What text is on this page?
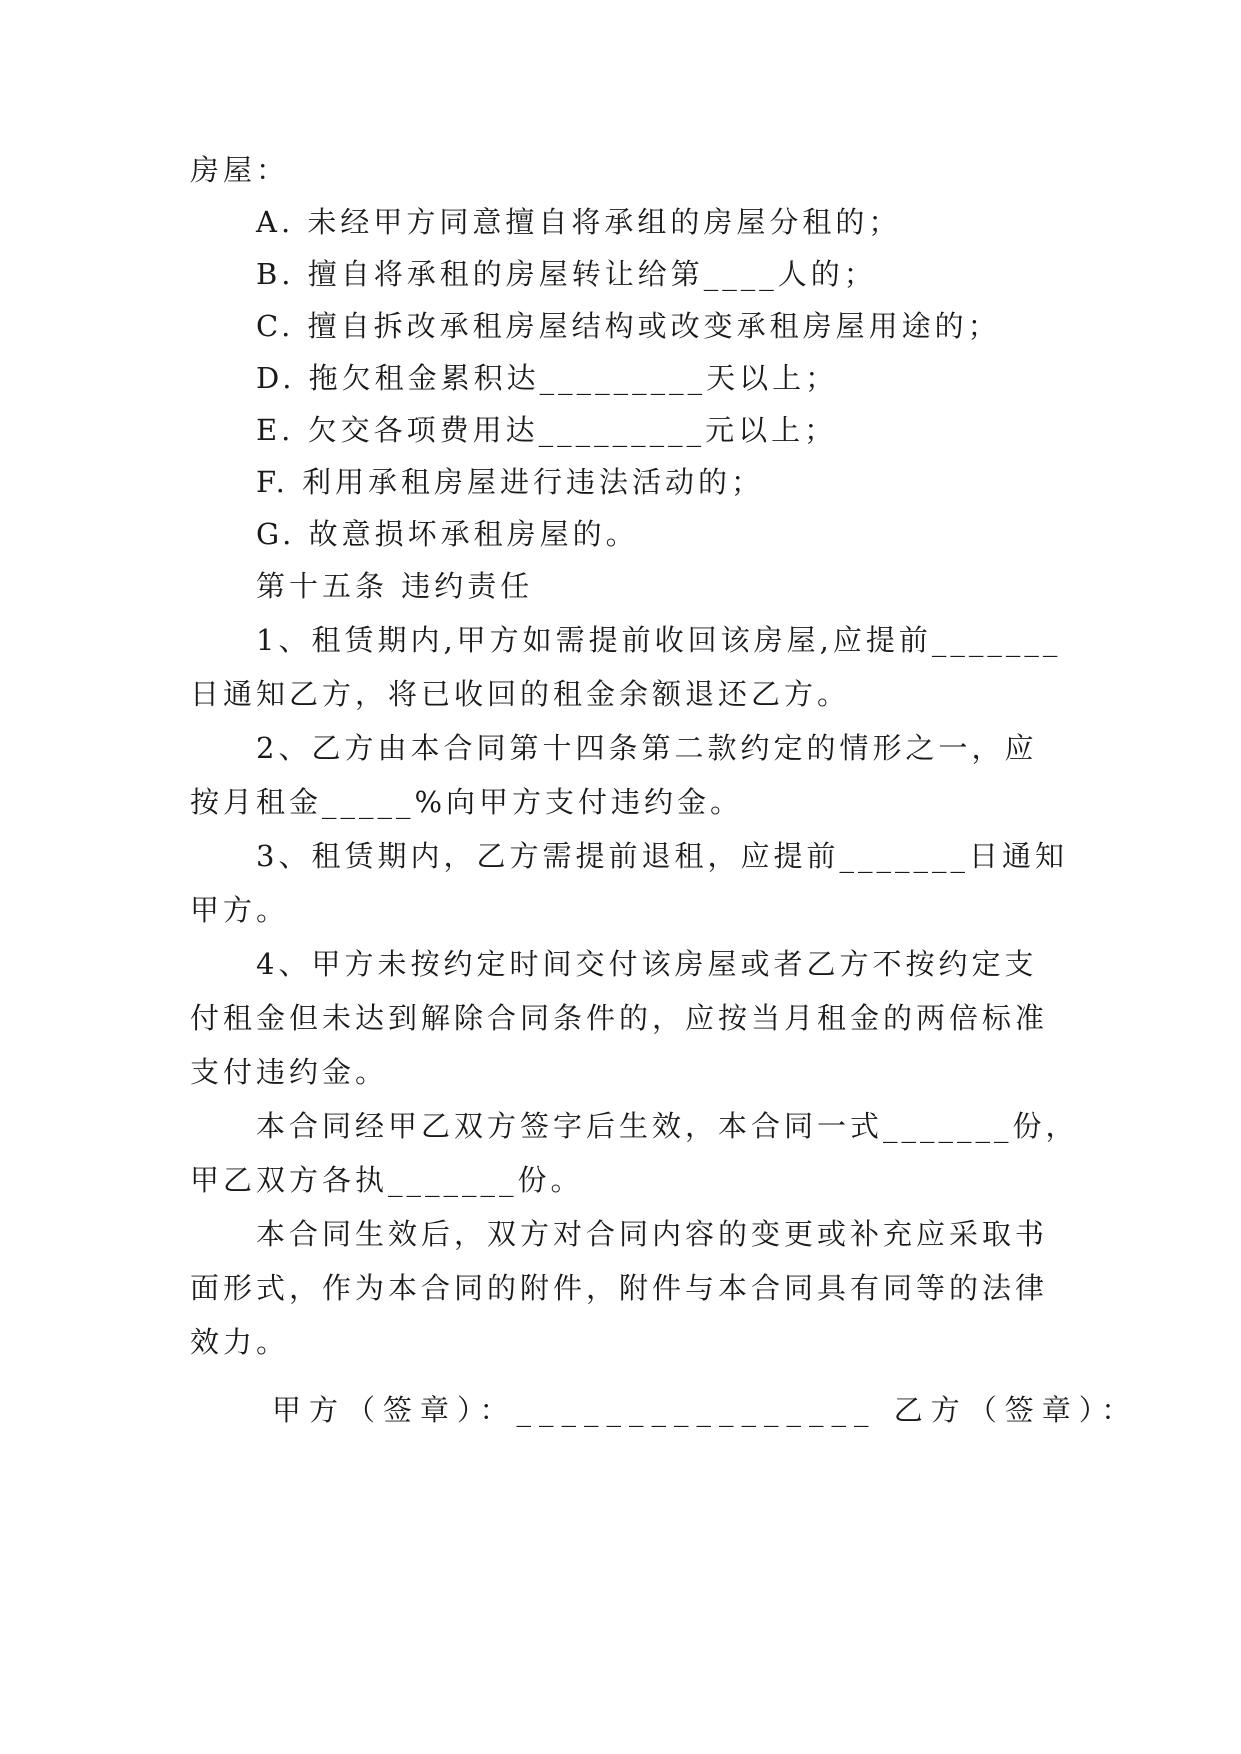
房屋：
A. 未经甲方同意擅自将承组的房屋分租的；
B. 擅自将承租的房屋转让给第____人的；
C. 擅自拆改承租房屋结构或改变承租房屋用途的；
D. 拖欠租金累积达_________天以上；
E. 欠交各项费用达_________元以上；
F. 利用承租房屋进行违法活动的；
G. 故意损坏承租房屋的。
第十五条 违约责任
1、租赁期内,甲方如需提前收回该房屋,应提前_______
日通知乙方，将已收回的租金余额退还乙方。
2、乙方由本合同第十四条第二款约定的情形之一，应
按月租金_____%向甲方支付违约金。
3、租赁期内，乙方需提前退租，应提前_______日通知
甲方。
4、甲方未按约定时间交付该房屋或者乙方不按约定支
付租金但未达到解除合同条件的，应按当月租金的两倍标准
支付违约金。
本合同经甲乙双方签字后生效，本合同一式_______份，
甲乙双方各执_______份。
本合同生效后，双方对合同内容的变更或补充应采取书
面形式，作为本合同的附件，附件与本合同具有同等的法律
效力。
甲方（签章）：________________ 乙方（签章）：
